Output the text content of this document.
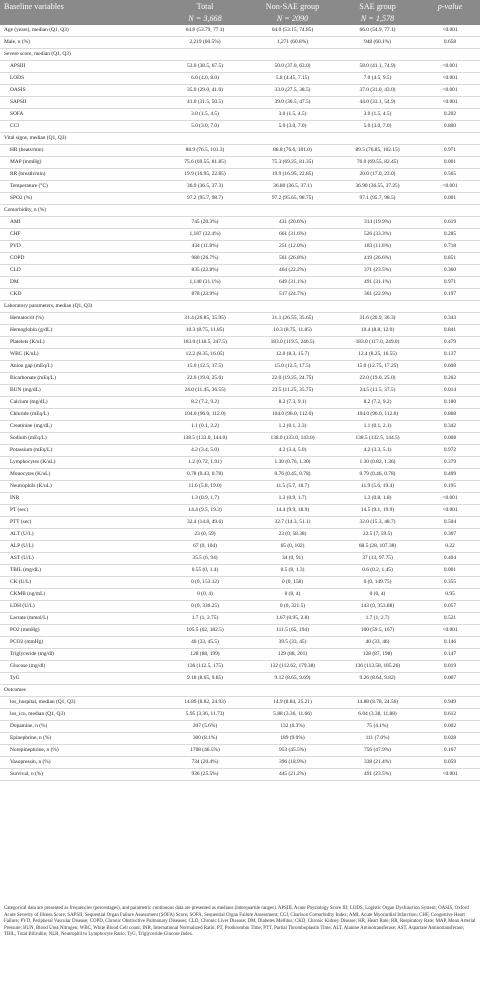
Baseline variables	Total	Non-SAE group	SAE group	p-value
	N = 3,668	N = 2090	N = 1,578	
Age (years), median (Q1, Q3)	64.8 (53.79, 77.1)	64.0 (53.15, 74.85)	66.0 (54.9, 77.1)	<0.001
Male, n (%)	2,219 (60.5%)	1,271 (60.8%)	948 (60.1%)	0.658
Severe score, median (Q1, Q3)				
APSIII	53.0 (38.5, 67.5)	50.0 (37.0, 63.0)	58.0 (41.1, 74.9)	<0.001
LODS	6.0 (4.0, 8.0)	5.8 (4.45, 7.15)	7.0 (4.5, 9.5)	<0.001
OASIS	35.0 (29.0, 41.0)	33.0 (27.5, 38.5)	37.0 (31.0, 43.0)	<0.001
SAPSII	41.0 (31.5, 50.5)	39.0 (30.5, 47.5)	44.0 (33.1, 54.9)	<0.001
SOFA	3.0 (1.5, 4.5)	3.0 (1.5, 4.5)	3.0 (1.5, 4.5)	0.202
CCI	5.0 (3.0, 7.0)	5.0 (3.0, 7.0)	5.0 (3.0, 7.0)	0.800
Vital signs, median (Q1, Q3)				
HR (beats/min)	88.9 (76.5, 101.3)	88.8 (76.6, 101.0)	89.5 (76.85, 102.15)	0.971
MAP (mmHg)	75.6 (69.55, 81.85)	75.3 (69.25, 81.35)	76.0 (69.55, 82.45)	0.001
RR (breath/min)	19.9 (16.95, 22.85)	19.9 (16.95, 22.85)	20.0 (17.0, 23.0)	0.565
Temperature (°C)	36.9 (36.5, 37.3)	36.80 (36.5, 37.1)	36.90 (36.55, 37.25)	<0.001
SPO2 (%)	97.2 (95.7, 98.7)	97.2 (95.65, 98.75)	97.1 (95.7, 98.5)	0.001
Comorbidity, n (%)				
AMI	745 (20.3%)	431 (20.6%)	314 (19.9%)	0.619
CHF	1,187 (32.4%)	661 (31.6%)	526 (33.3%)	0.285
PVD	434 (11.8%)	251 (12.0%)	183 (11.6%)	0.718
COPD	980 (26.7%)	561 (26.8%)	419 (26.6%)	0.851
CLD	835 (22.8%)	464 (22.2%)	371 (23.5%)	0.360
DM	1,140 (31.1%)	649 (31.1%)	491 (31.1%)	0.971
CKD	878 (23.9%)	517 (24.7%)	361 (22.9%)	0.197
Laboratory parameters, median (Q1, Q3)				
Hematocrit (%)	31.4 (26.85, 35.95)	31.1 (26.55, 35.65)	31.6 (26.9, 36.3)	0.343
Hemoglobin (g/dL)	10.3 (8.75, 11.85)	10.3 (8.75, 11.85)	10.4 (8.8, 12.0)	0.841
Platelets (K/uL)	183.0 (118.5, 247.5)	183.0 (119.5, 246.5)	183.0 (117.0, 249.0)	0.479
WBC (K/uL)	12.2 (8.35, 16.05)	12.0 (8.3, 15.7)	12.4 (8.25, 16.55)	0.137
Anion gap (mEq/L)	15.0 (12.5, 17.5)	15.0 (12.5, 17.5)	15.0 (12.75, 17.25)	0.608
Bicarbonate (mEq/L)	22.0 (19.0, 25.0)	22.0 (19.25, 24.75)	22.0 (19.0, 25.0)	0.262
BUN (mg/dL)	24.0 (11.45, 36.55)	23.5 (11.25, 35.75)	24.5 (11.5, 37.5)	0.014
Calcium (mg/dL)	8.2 (7.2, 9.2)	8.2 (7.3, 9.1)	8.2 (7.2, 9.2)	0.180
Chloride (mEq/L)	104.0 (96.0, 112.0)	104.0 (96.0, 112.0)	104.0 (96.0, 112.0)	0.868
Creatinine (mg/dL)	1.1 (0.1, 2.2)	1.2 (0.1, 2.3)	1.1 (0.1, 2.1)	0.342
Sodium (mEq/L)	138.5 (133.0, 144.0)	138.0 (133.0, 143.0)	138.5 (132.5, 144.5)	0.008
Potassium (mEq/L)	4.2 (3.4, 5.0)	4.2 (3.4, 5.0)	4.2 (3.3, 5.1)	0.972
Lymphocytes (K/uL)	1.2 (0.72, 1.91)	1.30 (0.76, 1.30)	1.30 (0.82, 1.36)	0.379
Monocytes (K/uL)	0.78 (0.43, 0.78)	0.76 (0.45, 0.78)	0.79 (0.46, 0.78)	0.409
Neutrophils (K/uL)	11.6 (5.8, 19.0)	11.5 (5.7, 18.7)	11.9 (5.6, 19.4)	0.195
INR	1.3 (0.9, 1.7)	1.3 (0.9, 1.7)	1.3 (0.8, 1.8)	<0.001
PT (sec)	14.4 (9.5, 19.3)	14.4 (9.9, 18.9)	14.5 (9.1, 19.9)	<0.001
PTT (sec)	32.4 (14.8, 49.6)	32.7 (14.3, 51.1)	32.0 (15.3, 48.7)	0.504
ALT (U/L)	23 (0, 59)	23 (0, 58.38)	22.5 (7, 59.5)	0.367
ALP (U/L)	67 (0, 104)	65 (0, 102)	68.5 (28, 107.38)	0.22
AST (U/L)	35.5 (6, 94)	34 (0, 91)	37 (13, 97.75)	0.404
TBIL (mg/dL)	0.55 (0, 1.4)	0.5 (0, 1.3)	0.6 (0.2, 1.45)	0.001
CK (U/L)	0 (0, 153.12)	0 (0, 158)	0 (0, 149.75)	0.355
CKMB (ng/mL)	0 (0, 4)	0 (0, 4)	0 (0, 4)	0.95
LDH (U/L)	0 (0, 336.25)	0 (0, 321.5)	143 (0, 353.88)	0.057
Lactate (mmol/L)	1.7 (1, 2.75)	1.67 (0.95, 2.8)	1.7 (1, 2.7)	0.521
PO2 (mmHg)	105.5 (62, 182.5)	111.5 (65, 194)	100 (59.5, 167)	<0.001
PCO2 (mmHg)	40 (33, 45.5)	39.5 (33, 45)	40 (33, 46)	0.146
Triglyceride (mg/dl)	128 (88, 199)	129 (88, 201)	128 (87, 198)	0.147
Glucose (mg/dl)	136 (112.5, 175)	132 (112.62, 179.38)	136 (113.58, 185.26)	0.019
TyG	9.18 (8.65, 9.85)	9.12 (8.65, 9.69)	9.26 (8.64, 9.82)	0.007
Outcomes				
los_hospital, median (Q1, Q3)	14.89 (8.82, 24.93)	14.9 (8.84, 25.21)	14.88 (8.78, 24.56)	0.949
los_icu, median (Q1, Q3)	5.95 (3.36, 11.73)	5.88 (3.36, 11.66)	6.04 (3.38, 11.88)	0.612
Dopamine, n (%)	207 (5.6%)	132 (6.3%)	75 (4.1%)	0.002
Epinephrine, n (%)	300 (8.1%)	189 (9.0%)	111 (7.0%)	0.028
Norepinephrine, n (%)	1708 (46.5%)	953 (45.5%)	756 (47.9%)	0.167
Vasopressin, n (%)	734 (20.4%)	396 (18.9%)	338 (21.4%)	0.059
Survival, n (%)	936 (25.5%)	445 (21.2%)	491 (23.5%)	<0.001
Categorical data are presented as frequencies (percentages), and parametric continuous data are presented as medians (interquartile ranges). APSIII, Acute Physiology Score III; LODS, Logistic Organ Dysfunction System; OASIS, Oxford Acute Severity of Illness Score; SAPSII, Sequential Organ Failure Assessment (SOFA) Score; SOFA, Sequential Organ Failure Assessment; CCI, Charlson Comorbidity Index; AMI, Acute Myocardial Infarction; CHF, Congestive Heart Failure; PVD, Peripheral Vascular Disease; COPD, Chronic Obstructive Pulmonary Diseases; CLD, Chronic Liver Disease; DM, Diabetes Mellitus; CKD, Chronic Kidney Disease; HR, Heart Rate; RR, Respiratory Rate; MAP, Mean Arterial Pressure; BUN, Blood Urea Nitrogen; WBC, White Blood Cell count; INR, International Normalized Ratio; PT, Prothrombin Time; PTT, Partial Thromboplastin Time; ALT, Alanine Aminotransferase; AST, Aspartate Aminotransferase; TBIL, Total Bilirubin; NLR, Neutrophil to Lymphocyte Ratio; TyG, Triglyceride-Glucose Index.
